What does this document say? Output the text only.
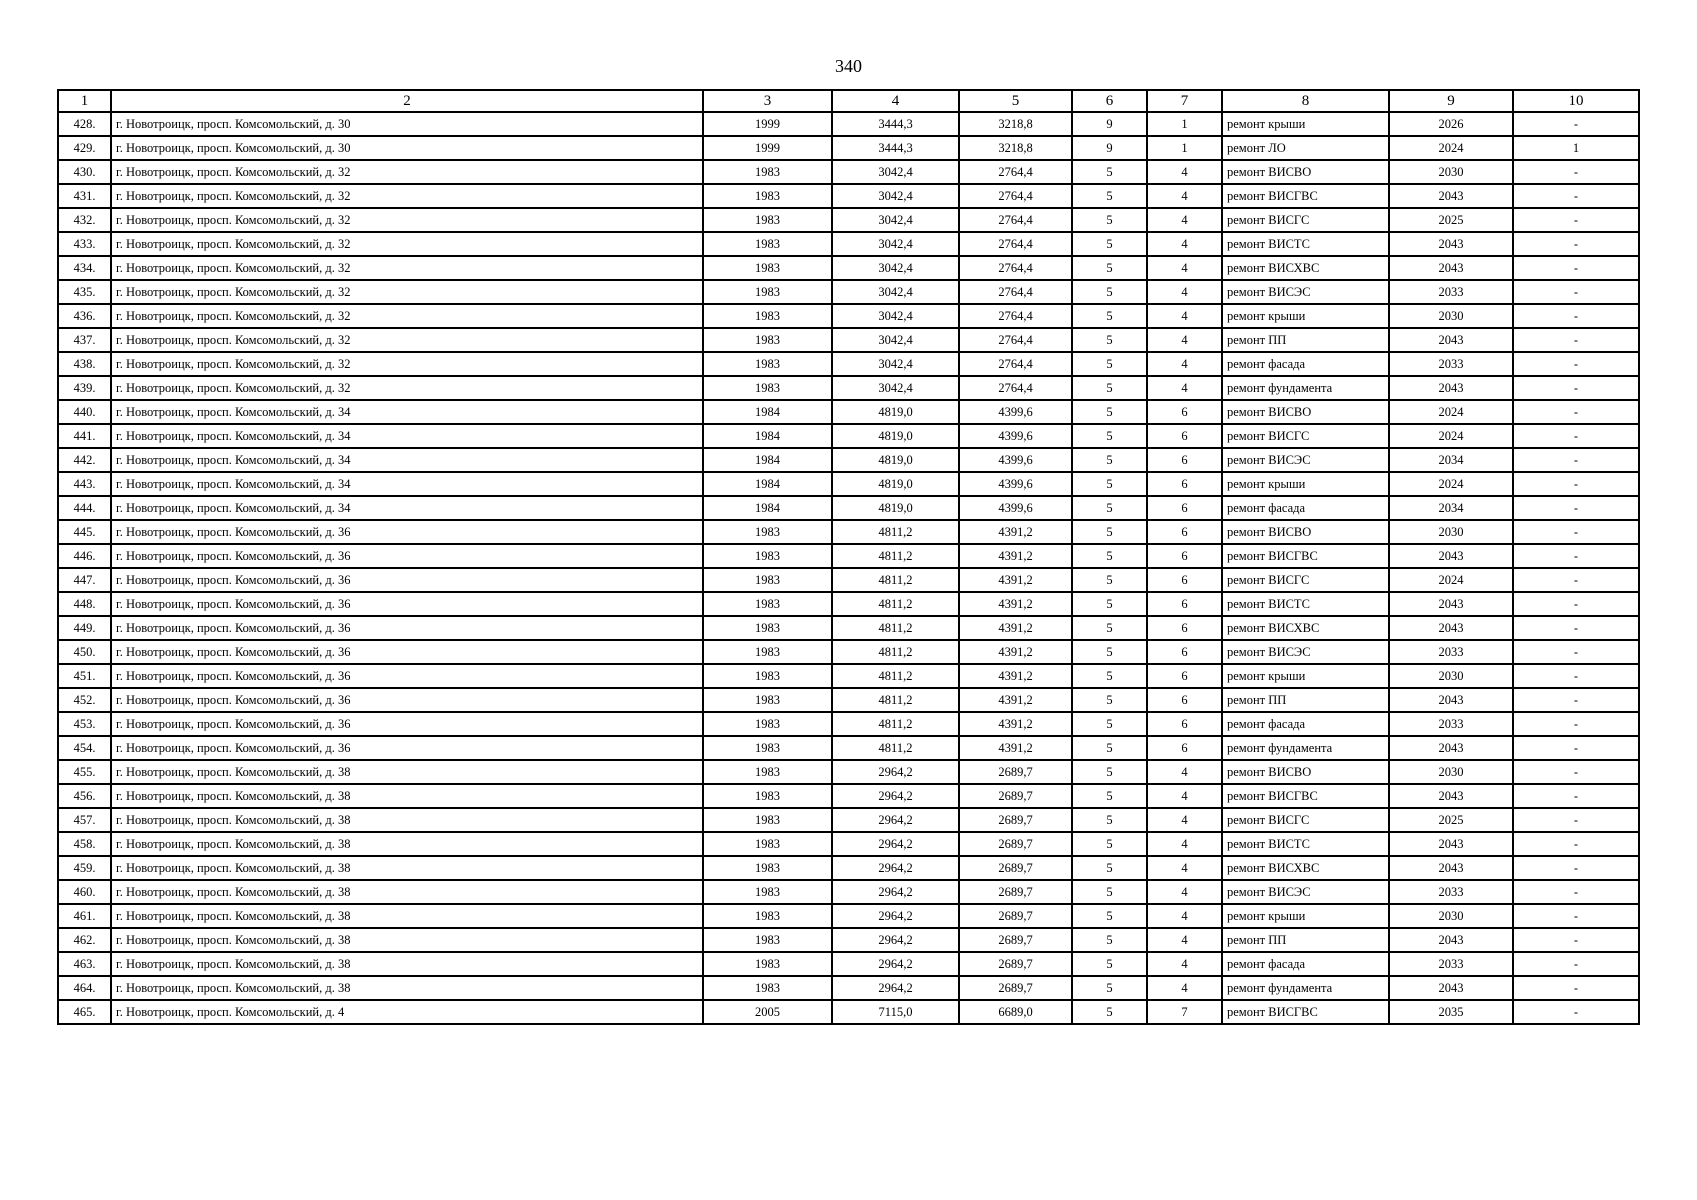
340
1	2	3	4	5	6	7	8	9	10
428.	г. Новотроицк, просп. Комсомольский, д. 30	1999	3444,3	3218,8	9	1	ремонт крыши	2026	-
429.	г. Новотроицк, просп. Комсомольский, д. 30	1999	3444,3	3218,8	9	1	ремонт ЛО	2024	1
430.	г. Новотроицк, просп. Комсомольский, д. 32	1983	3042,4	2764,4	5	4	ремонт ВИСВО	2030	-
431.	г. Новотроицк, просп. Комсомольский, д. 32	1983	3042,4	2764,4	5	4	ремонт ВИСГВС	2043	-
432.	г. Новотроицк, просп. Комсомольский, д. 32	1983	3042,4	2764,4	5	4	ремонт ВИСГС	2025	-
433.	г. Новотроицк, просп. Комсомольский, д. 32	1983	3042,4	2764,4	5	4	ремонт ВИСТС	2043	-
434.	г. Новотроицк, просп. Комсомольский, д. 32	1983	3042,4	2764,4	5	4	ремонт ВИСХВС	2043	-
435.	г. Новотроицк, просп. Комсомольский, д. 32	1983	3042,4	2764,4	5	4	ремонт ВИСЭС	2033	-
436.	г. Новотроицк, просп. Комсомольский, д. 32	1983	3042,4	2764,4	5	4	ремонт крыши	2030	-
437.	г. Новотроицк, просп. Комсомольский, д. 32	1983	3042,4	2764,4	5	4	ремонт ПП	2043	-
438.	г. Новотроицк, просп. Комсомольский, д. 32	1983	3042,4	2764,4	5	4	ремонт фасада	2033	-
439.	г. Новотроицк, просп. Комсомольский, д. 32	1983	3042,4	2764,4	5	4	ремонт фундамента	2043	-
440.	г. Новотроицк, просп. Комсомольский, д. 34	1984	4819,0	4399,6	5	6	ремонт ВИСВО	2024	-
441.	г. Новотроицк, просп. Комсомольский, д. 34	1984	4819,0	4399,6	5	6	ремонт ВИСГС	2024	-
442.	г. Новотроицк, просп. Комсомольский, д. 34	1984	4819,0	4399,6	5	6	ремонт ВИСЭС	2034	-
443.	г. Новотроицк, просп. Комсомольский, д. 34	1984	4819,0	4399,6	5	6	ремонт крыши	2024	-
444.	г. Новотроицк, просп. Комсомольский, д. 34	1984	4819,0	4399,6	5	6	ремонт фасада	2034	-
445.	г. Новотроицк, просп. Комсомольский, д. 36	1983	4811,2	4391,2	5	6	ремонт ВИСВО	2030	-
446.	г. Новотроицк, просп. Комсомольский, д. 36	1983	4811,2	4391,2	5	6	ремонт ВИСГВС	2043	-
447.	г. Новотроицк, просп. Комсомольский, д. 36	1983	4811,2	4391,2	5	6	ремонт ВИСГС	2024	-
448.	г. Новотроицк, просп. Комсомольский, д. 36	1983	4811,2	4391,2	5	6	ремонт ВИСТС	2043	-
449.	г. Новотроицк, просп. Комсомольский, д. 36	1983	4811,2	4391,2	5	6	ремонт ВИСХВС	2043	-
450.	г. Новотроицк, просп. Комсомольский, д. 36	1983	4811,2	4391,2	5	6	ремонт ВИСЭС	2033	-
451.	г. Новотроицк, просп. Комсомольский, д. 36	1983	4811,2	4391,2	5	6	ремонт крыши	2030	-
452.	г. Новотроицк, просп. Комсомольский, д. 36	1983	4811,2	4391,2	5	6	ремонт ПП	2043	-
453.	г. Новотроицк, просп. Комсомольский, д. 36	1983	4811,2	4391,2	5	6	ремонт фасада	2033	-
454.	г. Новотроицк, просп. Комсомольский, д. 36	1983	4811,2	4391,2	5	6	ремонт фундамента	2043	-
455.	г. Новотроицк, просп. Комсомольский, д. 38	1983	2964,2	2689,7	5	4	ремонт ВИСВО	2030	-
456.	г. Новотроицк, просп. Комсомольский, д. 38	1983	2964,2	2689,7	5	4	ремонт ВИСГВС	2043	-
457.	г. Новотроицк, просп. Комсомольский, д. 38	1983	2964,2	2689,7	5	4	ремонт ВИСГС	2025	-
458.	г. Новотроицк, просп. Комсомольский, д. 38	1983	2964,2	2689,7	5	4	ремонт ВИСТС	2043	-
459.	г. Новотроицк, просп. Комсомольский, д. 38	1983	2964,2	2689,7	5	4	ремонт ВИСХВС	2043	-
460.	г. Новотроицк, просп. Комсомольский, д. 38	1983	2964,2	2689,7	5	4	ремонт ВИСЭС	2033	-
461.	г. Новотроицк, просп. Комсомольский, д. 38	1983	2964,2	2689,7	5	4	ремонт крыши	2030	-
462.	г. Новотроицк, просп. Комсомольский, д. 38	1983	2964,2	2689,7	5	4	ремонт ПП	2043	-
463.	г. Новотроицк, просп. Комсомольский, д. 38	1983	2964,2	2689,7	5	4	ремонт фасада	2033	-
464.	г. Новотроицк, просп. Комсомольский, д. 38	1983	2964,2	2689,7	5	4	ремонт фундамента	2043	-
465.	г. Новотроицк, просп. Комсомольский, д. 4	2005	7115,0	6689,0	5	7	ремонт ВИСГВС	2035	-
